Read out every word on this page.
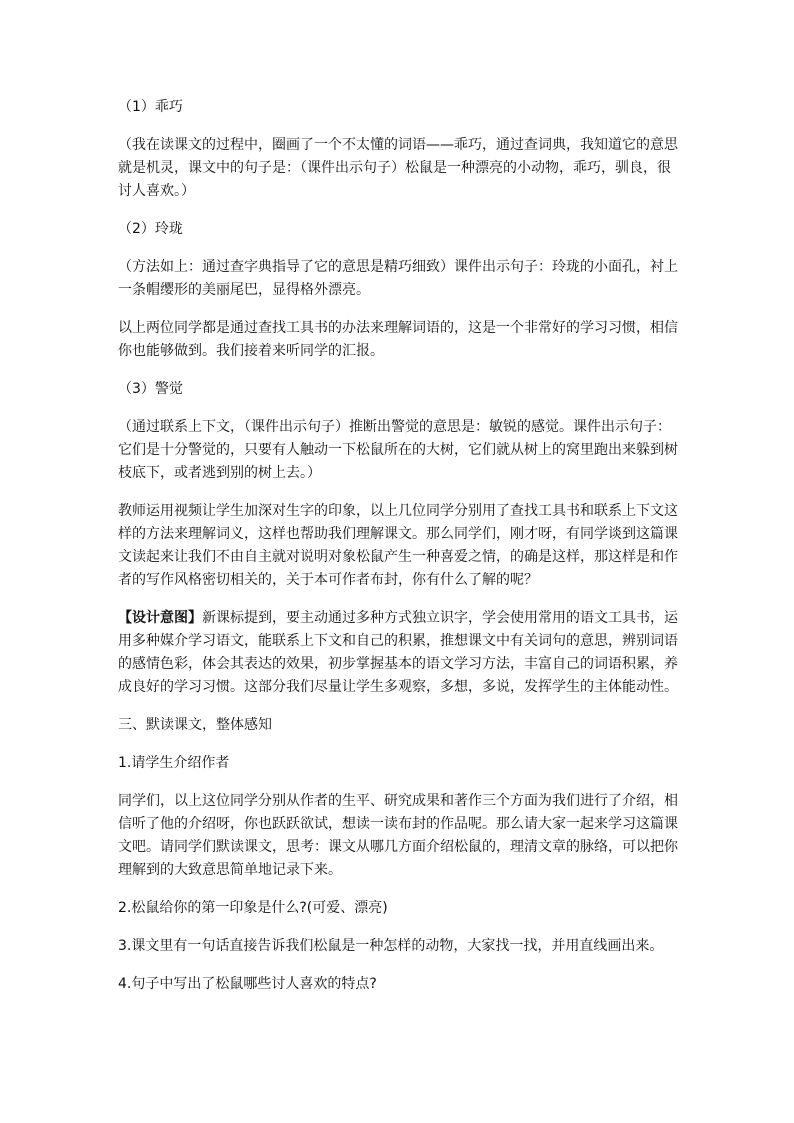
（1）乖巧

（我在读课文的过程中，圈画了一个不太懂的词语——乖巧，通过查词典，我知道它的意思就是机灵，课文中的句子是：（课件出示句子）松鼠是一种漂亮的小动物，乖巧，驯良，很讨人喜欢。）

（2）玲珑

（方法如上：通过查字典指导了它的意思是精巧细致）课件出示句子：玲珑的小面孔，衬上一条帽缨形的美丽尾巴，显得格外漂亮。

以上两位同学都是通过查找工具书的办法来理解词语的，这是一个非常好的学习习惯，相信你也能够做到。我们接着来听同学的汇报。

（3）警觉

（通过联系上下文，（课件出示句子）推断出警觉的意思是：敏锐的感觉。课件出示句子：它们是十分警觉的，只要有人触动一下松鼠所在的大树，它们就从树上的窝里跑出来躲到树枝底下，或者逃到别的树上去。）

教师运用视频让学生加深对生字的印象，以上几位同学分别用了查找工具书和联系上下文这样的方法来理解词义，这样也帮助我们理解课文。那么同学们，刚才呀，有同学谈到这篇课文读起来让我们不由自主就对说明对象松鼠产生一种喜爱之情，的确是这样，那这样是和作者的写作风格密切相关的，关于本可作者布封，你有什么了解的呢？

【设计意图】新课标提到，要主动通过多种方式独立识字，学会使用常用的语文工具书，运用多种媒介学习语文，能联系上下文和自己的积累，推想课文中有关词句的意思，辨别词语的感情色彩，体会其表达的效果，初步掌握基本的语文学习方法，丰富自己的词语积累，养成良好的学习习惯。这部分我们尽量让学生多观察，多想，多说，发挥学生的主体能动性。

三、默读课文，整体感知

1.请学生介绍作者

同学们，以上这位同学分别从作者的生平、研究成果和著作三个方面为我们进行了介绍，相信听了他的介绍呀，你也跃跃欲试，想读一读布封的作品呢。那么请大家一起来学习这篇课文吧。请同学们默读课文，思考：课文从哪几方面介绍松鼠的，理清文章的脉络，可以把你理解到的大致意思简单地记录下来。

2.松鼠给你的第一印象是什么?(可爱、漂亮)

3.课文里有一句话直接告诉我们松鼠是一种怎样的动物，大家找一找，并用直线画出来。

4.句子中写出了松鼠哪些讨人喜欢的特点?
